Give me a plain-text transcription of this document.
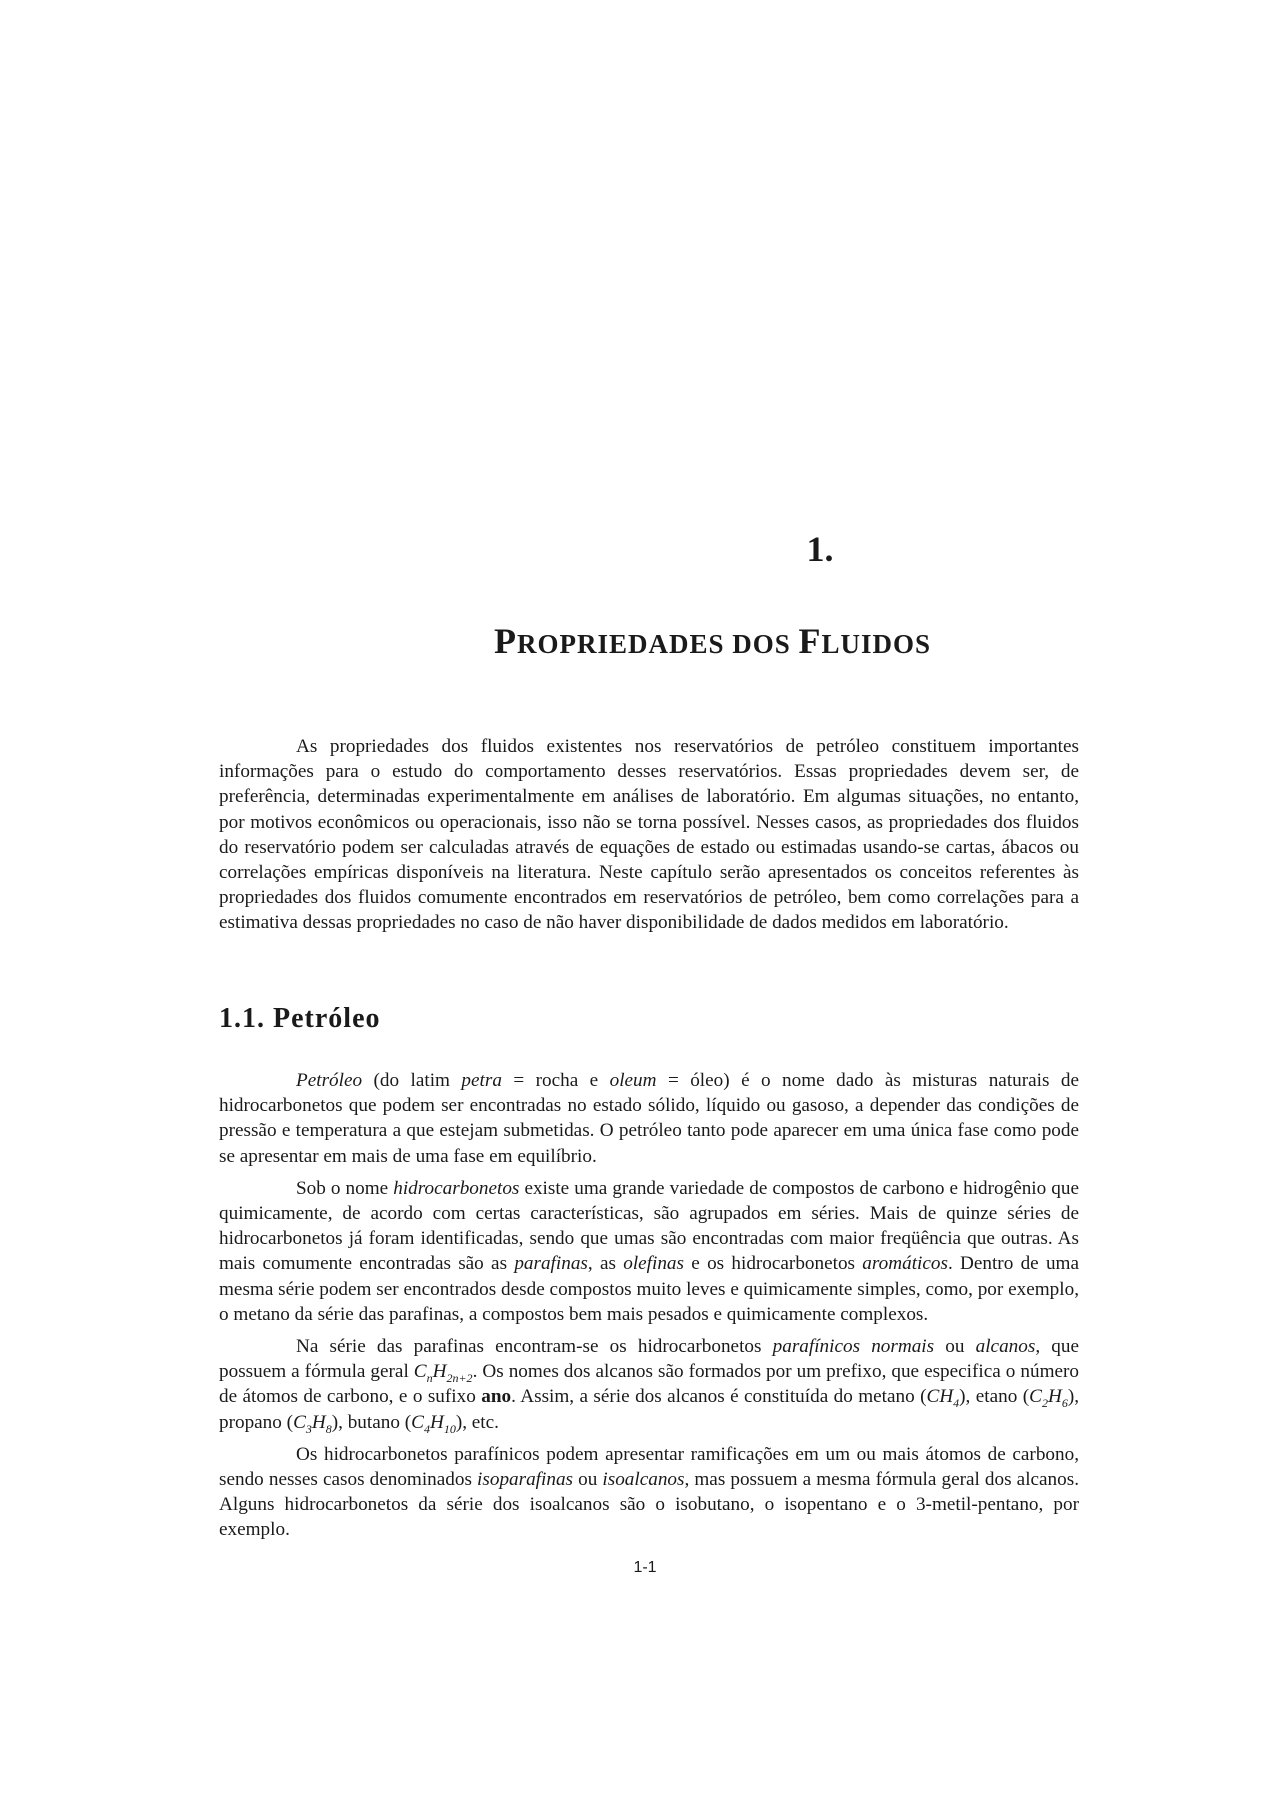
1.
PROPRIEDADES DOS FLUIDOS

As propriedades dos fluidos existentes nos reservatórios de petróleo constituem importantes informações para o estudo do comportamento desses reservatórios. Essas propriedades devem ser, de preferência, determinadas experimentalmente em análises de laboratório. Em algumas situações, no entanto, por motivos econômicos ou operacionais, isso não se torna possível. Nesses casos, as propriedades dos fluidos do reservatório podem ser calculadas através de equações de estado ou estimadas usando-se cartas, ábacos ou correlações empíricas disponíveis na literatura. Neste capítulo serão apresentados os conceitos referentes às propriedades dos fluidos comumente encontrados em reservatórios de petróleo, bem como correlações para a estimativa dessas propriedades no caso de não haver disponibilidade de dados medidos em laboratório.

1.1. Petróleo

Petróleo (do latim petra = rocha e oleum = óleo) é o nome dado às misturas naturais de hidrocarbonetos que podem ser encontradas no estado sólido, líquido ou gasoso, a depender das condições de pressão e temperatura a que estejam submetidas. O petróleo tanto pode aparecer em uma única fase como pode se apresentar em mais de uma fase em equilíbrio.

Sob o nome hidrocarbonetos existe uma grande variedade de compostos de carbono e hidrogênio que quimicamente, de acordo com certas características, são agrupados em séries. Mais de quinze séries de hidrocarbonetos já foram identificadas, sendo que umas são encontradas com maior freqüência que outras. As mais comumente encontradas são as parafinas, as olefinas e os hidrocarbonetos aromáticos. Dentro de uma mesma série podem ser encontrados desde compostos muito leves e quimicamente simples, como, por exemplo, o metano da série das parafinas, a compostos bem mais pesados e quimicamente complexos.

Na série das parafinas encontram-se os hidrocarbonetos parafínicos normais ou alcanos, que possuem a fórmula geral $C_nH_{2n+2}$. Os nomes dos alcanos são formados por um prefixo, que especifica o número de átomos de carbono, e o sufixo ano. Assim, a série dos alcanos é constituída do metano $(CH_4)$, etano $(C_2H_6)$, propano $(C_3H_8)$, butano $(C_4H_{10})$, etc.

Os hidrocarbonetos parafínicos podem apresentar ramificações em um ou mais átomos de carbono, sendo nesses casos denominados isoparafinas ou isoalcanos, mas possuem a mesma fórmula geral dos alcanos. Alguns hidrocarbonetos da série dos isoalcanos são o isobutano, o isopentano e o 3-metil-pentano, por exemplo.

1-1
